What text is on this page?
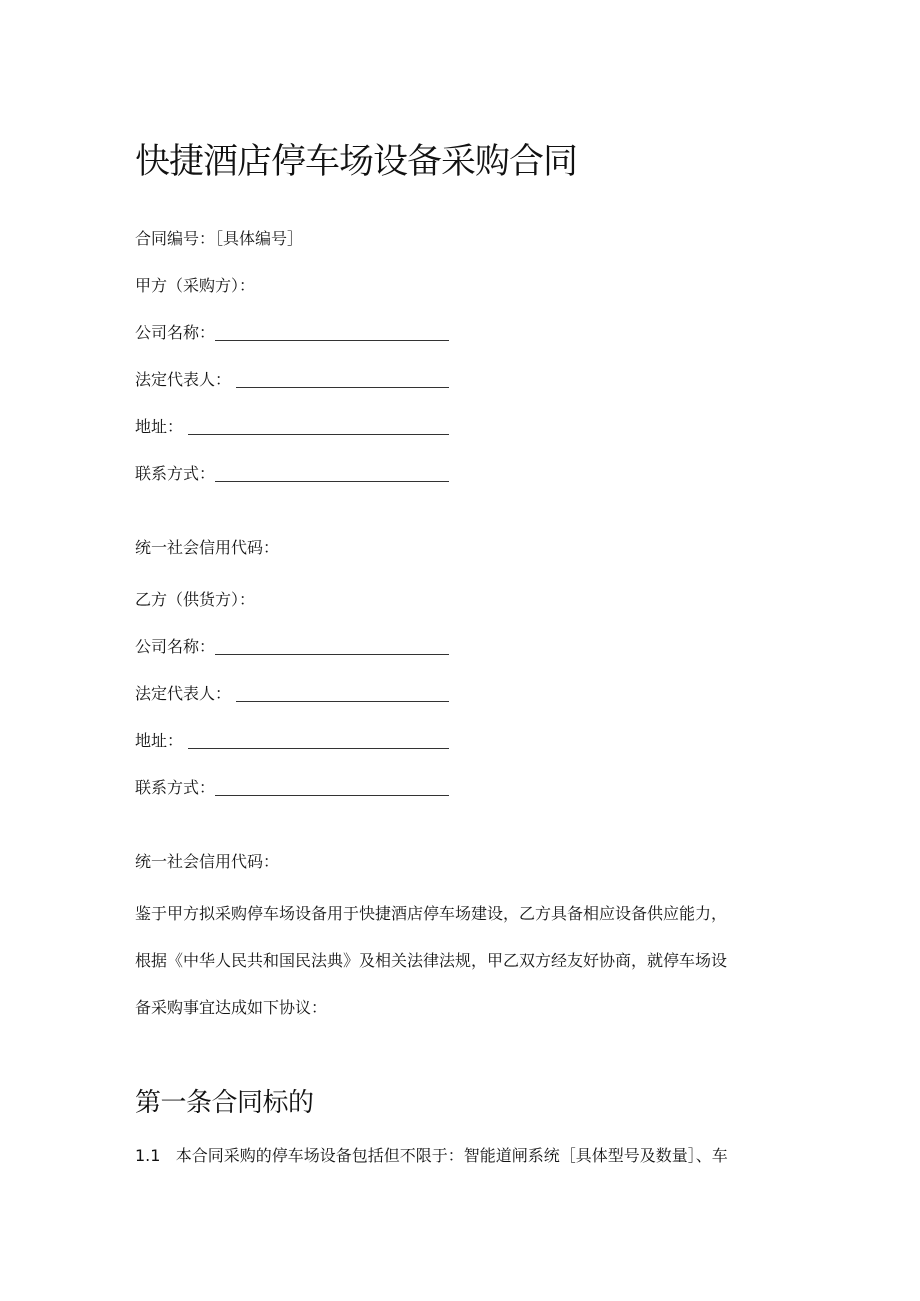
快捷酒店停车场设备采购合同
合同编号：［具体编号］
甲方（采购方）：
公司名称：
法定代表人：
地址：
联系方式：
统一社会信用代码：
乙方（供货方）：
公司名称：
法定代表人：
地址：
联系方式：
统一社会信用代码：
鉴于甲方拟采购停车场设备用于快捷酒店停车场建设，乙方具备相应设备供应能力，
根据《中华人民共和国民法典》及相关法律法规，甲乙双方经友好协商，就停车场设
备采购事宜达成如下协议：
第一条合同标的
1.1   本合同采购的停车场设备包括但不限于：智能道闸系统［具体型号及数量］、车
